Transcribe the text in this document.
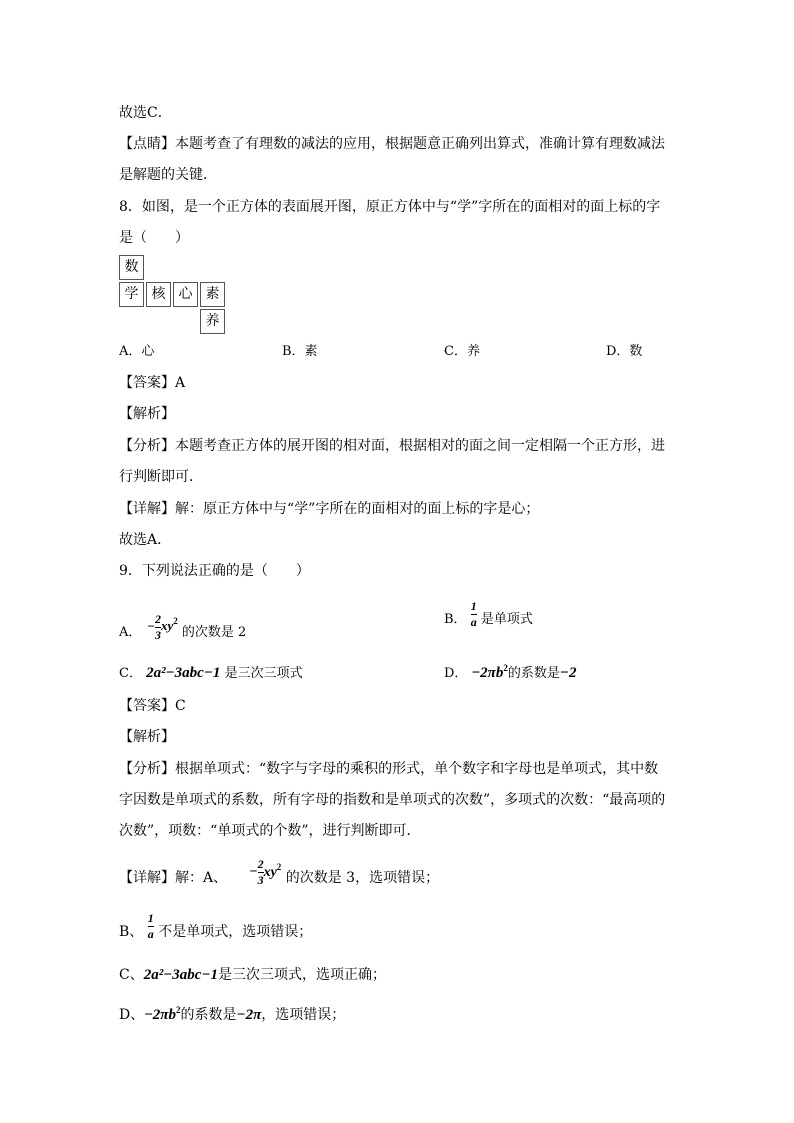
故选C．
【点睛】本题考查了有理数的减法的应用，根据题意正确列出算式，准确计算有理数减法
是解题的关键．
8．如图，是一个正方体的表面展开图，原正方体中与“学”字所在的面相对的面上标的字
是（　　）
数
学 核 心 素
养
A．心	B．素	C．养	D．数
【答案】A
【解析】
【分析】本题考查正方体的展开图的相对面，根据相对的面之间一定相隔一个正方形，进
行判断即可．
【详解】解：原正方体中与“学”字所在的面相对的面上标的字是心；
故选A．
9．下列说法正确的是（　　）
A． − $\frac{2}{3} xy^2$ 的次数是 2
B． $\frac{1}{a}$ 是单项式
C． 2a²−3abc−1 是三次三项式	D． $-2\pi b^2$的系数是−2
【答案】C
【解析】
【分析】根据单项式：“数字与字母的乘积的形式，单个数字和字母也是单项式，其中数
字因数是单项式的系数，所有字母的指数和是单项式的次数”，多项式的次数：“最高项的
次数”，项数：“单项式的个数”，进行判断即可．
【详解】解：A、 − $\frac{2}{3} xy^2$ 的次数是 3，选项错误；
B、 $\frac{1}{a}$ 不是单项式，选项错误；
C、2a²−3abc−1是三次三项式，选项正确；
D、$-2\pi b^2$的系数是−2π，选项错误；
